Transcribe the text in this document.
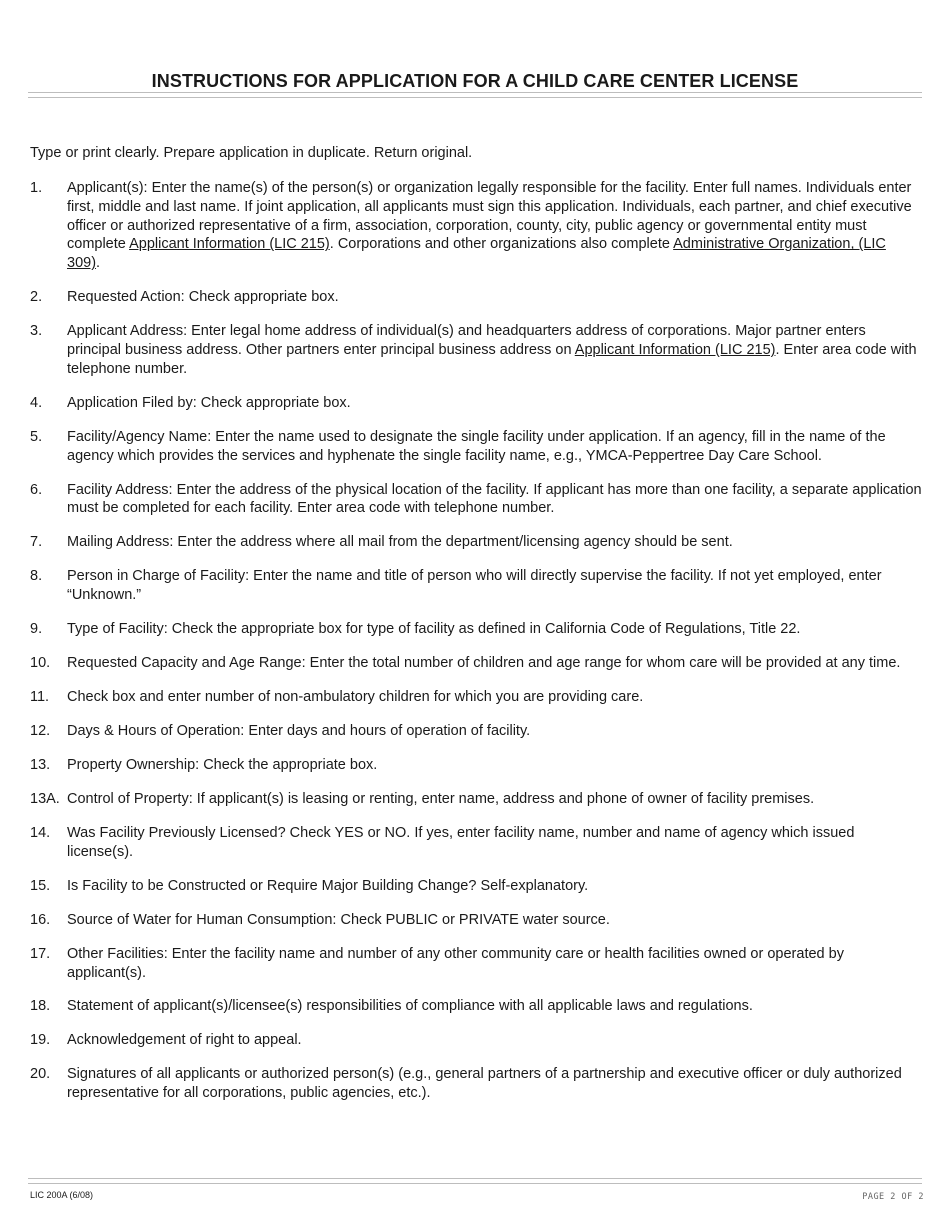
INSTRUCTIONS FOR APPLICATION FOR A CHILD CARE CENTER LICENSE
Type or print clearly. Prepare application in duplicate. Return original.
1.	Applicant(s): Enter the name(s) of the person(s) or organization legally responsible for the facility. Enter full names. Individuals enter first, middle and last name. If joint application, all applicants must sign this application. Individuals, each partner, and chief executive officer or authorized representative of a firm, association, corporation, county, city, public agency or governmental entity must complete Applicant Information (LIC 215). Corporations and other organizations also complete Administrative Organization, (LIC 309).
2.	Requested Action: Check appropriate box.
3.	Applicant Address: Enter legal home address of individual(s) and headquarters address of corporations. Major partner enters principal business address. Other partners enter principal business address on Applicant Information (LIC 215). Enter area code with telephone number.
4.	Application Filed by: Check appropriate box.
5.	Facility/Agency Name: Enter the name used to designate the single facility under application. If an agency, fill in the name of the agency which provides the services and hyphenate the single facility name, e.g., YMCA-Peppertree Day Care School.
6.	Facility Address: Enter the address of the physical location of the facility. If applicant has more than one facility, a separate application must be completed for each facility. Enter area code with telephone number.
7.	Mailing Address: Enter the address where all mail from the department/licensing agency should be sent.
8.	Person in Charge of Facility: Enter the name and title of person who will directly supervise the facility. If not yet employed, enter “Unknown.”
9.	Type of Facility: Check the appropriate box for type of facility as defined in California Code of Regulations, Title 22.
10.	Requested Capacity and Age Range: Enter the total number of children and age range for whom care will be provided at any time.
11.	Check box and enter number of non-ambulatory children for which you are providing care.
12.	Days & Hours of Operation: Enter days and hours of operation of facility.
13.	Property Ownership: Check the appropriate box.
13A. Control of Property: If applicant(s) is leasing or renting, enter name, address and phone of owner of facility premises.
14.	Was Facility Previously Licensed? Check YES or NO. If yes, enter facility name, number and name of agency which issued license(s).
15.	Is Facility to be Constructed or Require Major Building Change? Self-explanatory.
16.	Source of Water for Human Consumption: Check PUBLIC or PRIVATE water source.
17.	Other Facilities: Enter the facility name and number of any other community care or health facilities owned or operated by applicant(s).
18.	Statement of applicant(s)/licensee(s) responsibilities of compliance with all applicable laws and regulations.
19.	Acknowledgement of right to appeal.
20.	Signatures of all applicants or authorized person(s) (e.g., general partners of a partnership and executive officer or duly authorized representative for all corporations, public agencies, etc.).
LIC 200A (6/08)	PAGE 2 OF 2
